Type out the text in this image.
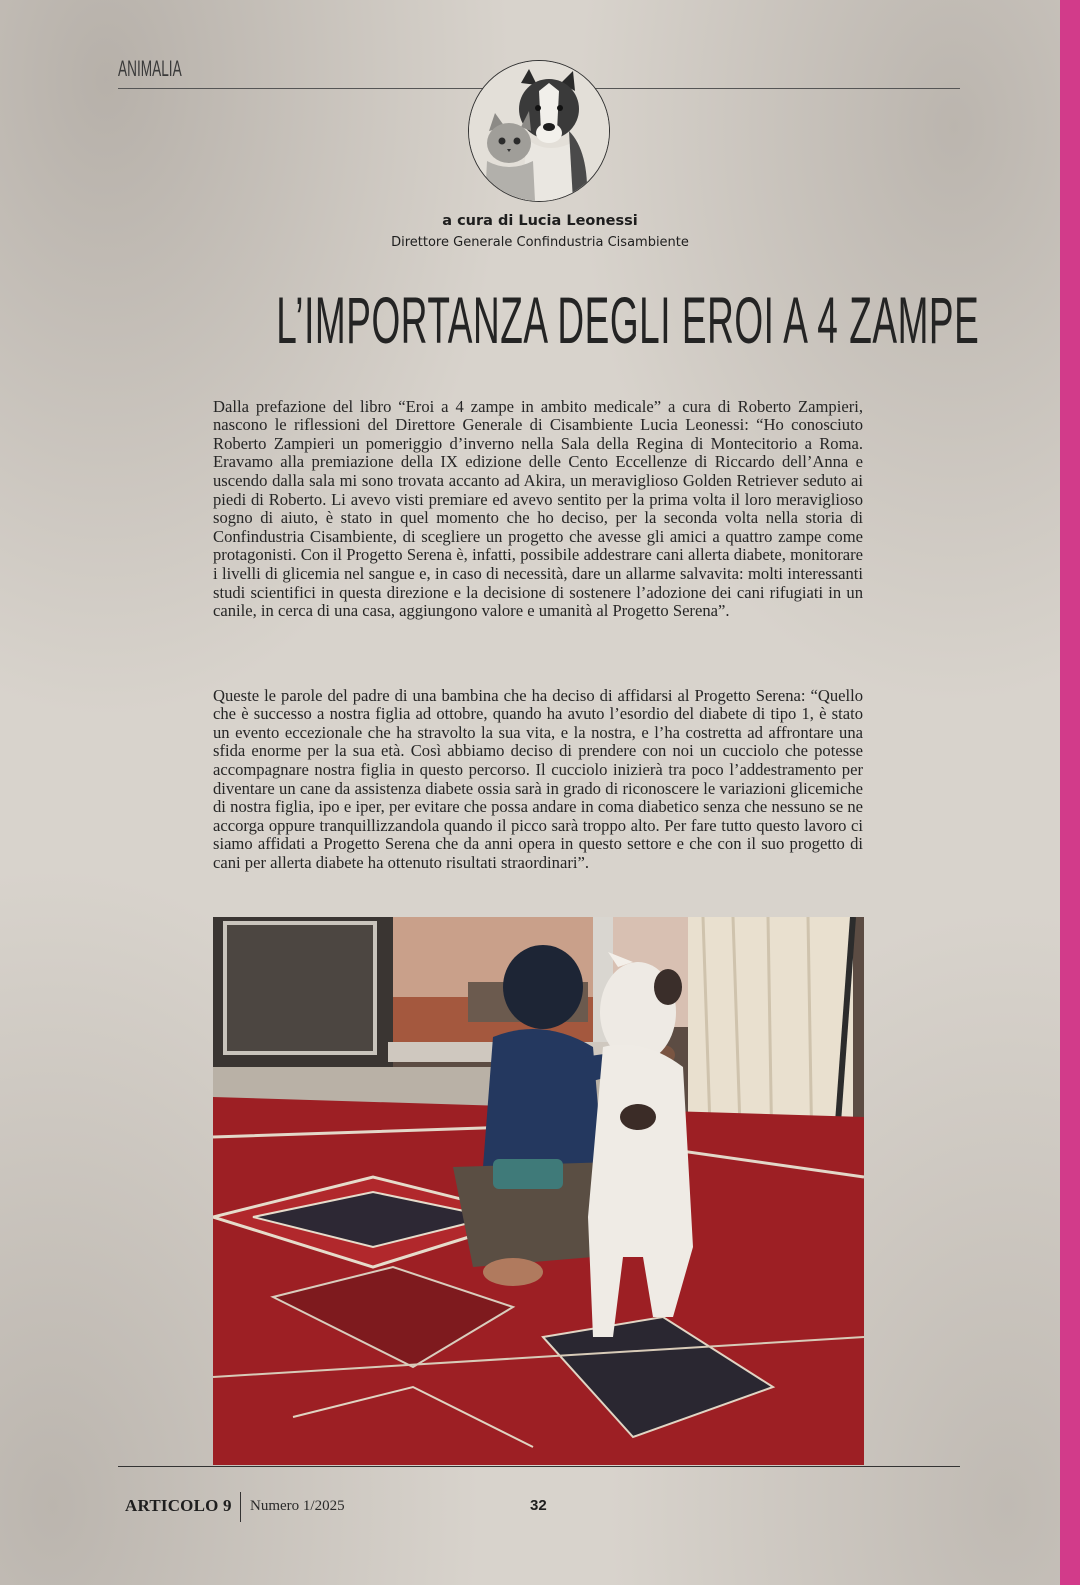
ANIMALIA
a cura di Lucia Leonessi
Direttore Generale Confindustria Cisambiente
L’IMPORTANZA DEGLI EROI A 4 ZAMPE

Dalla prefazione del libro “Eroi a 4 zampe in ambito medicale” a cura di Roberto Zampieri, nascono le riflessioni del Direttore Generale di Cisambiente Lucia Leonessi: “Ho conosciuto Roberto Zampieri un pomeriggio d’inverno nella Sala della Regina di Montecitorio a Roma. Eravamo alla premiazione della IX edizione delle Cento Eccellenze di Riccardo dell’Anna e uscendo dalla sala mi sono trovata accanto ad Akira, un meraviglioso Golden Retriever seduto ai piedi di Roberto. Li avevo visti premiare ed avevo sentito per la prima volta il loro meraviglioso sogno di aiuto, è stato in quel momento che ho deciso, per la seconda volta nella storia di Confindustria Cisambiente, di scegliere un progetto che avesse gli amici a quattro zampe come protagonisti. Con il Progetto Serena è, infatti, possibile addestrare cani allerta diabete, monitorare i livelli di glicemia nel sangue e, in caso di necessità, dare un allarme salvavita: molti interessanti studi scientifici in questa direzione e la decisione di sostenere l’adozione dei cani rifugiati in un canile, in cerca di una casa, aggiungono valore e umanità al Progetto Serena”.

Queste le parole del padre di una bambina che ha deciso di affidarsi al Progetto Serena: “Quello che è successo a nostra figlia ad ottobre, quando ha avuto l’esordio del diabete di tipo 1, è stato un evento eccezionale che ha stravolto la sua vita, e la nostra, e l’ha costretta ad affrontare una sfida enorme per la sua età. Così abbiamo deciso di prendere con noi un cucciolo che potesse accompagnare nostra figlia in questo percorso. Il cucciolo inizierà tra poco l’addestramento per diventare un cane da assistenza diabete ossia sarà in grado di riconoscere le variazioni glicemiche di nostra figlia, ipo e iper, per evitare che possa andare in coma diabetico senza che nessuno se ne accorga oppure tranquillizzandola quando il picco sarà troppo alto. Per fare tutto questo lavoro ci siamo affidati a Progetto Serena che da anni opera in questo settore e che con il suo progetto di cani per allerta diabete ha ottenuto risultati straordinari”.

ARTICOLO 9 Numero 1/2025	32
